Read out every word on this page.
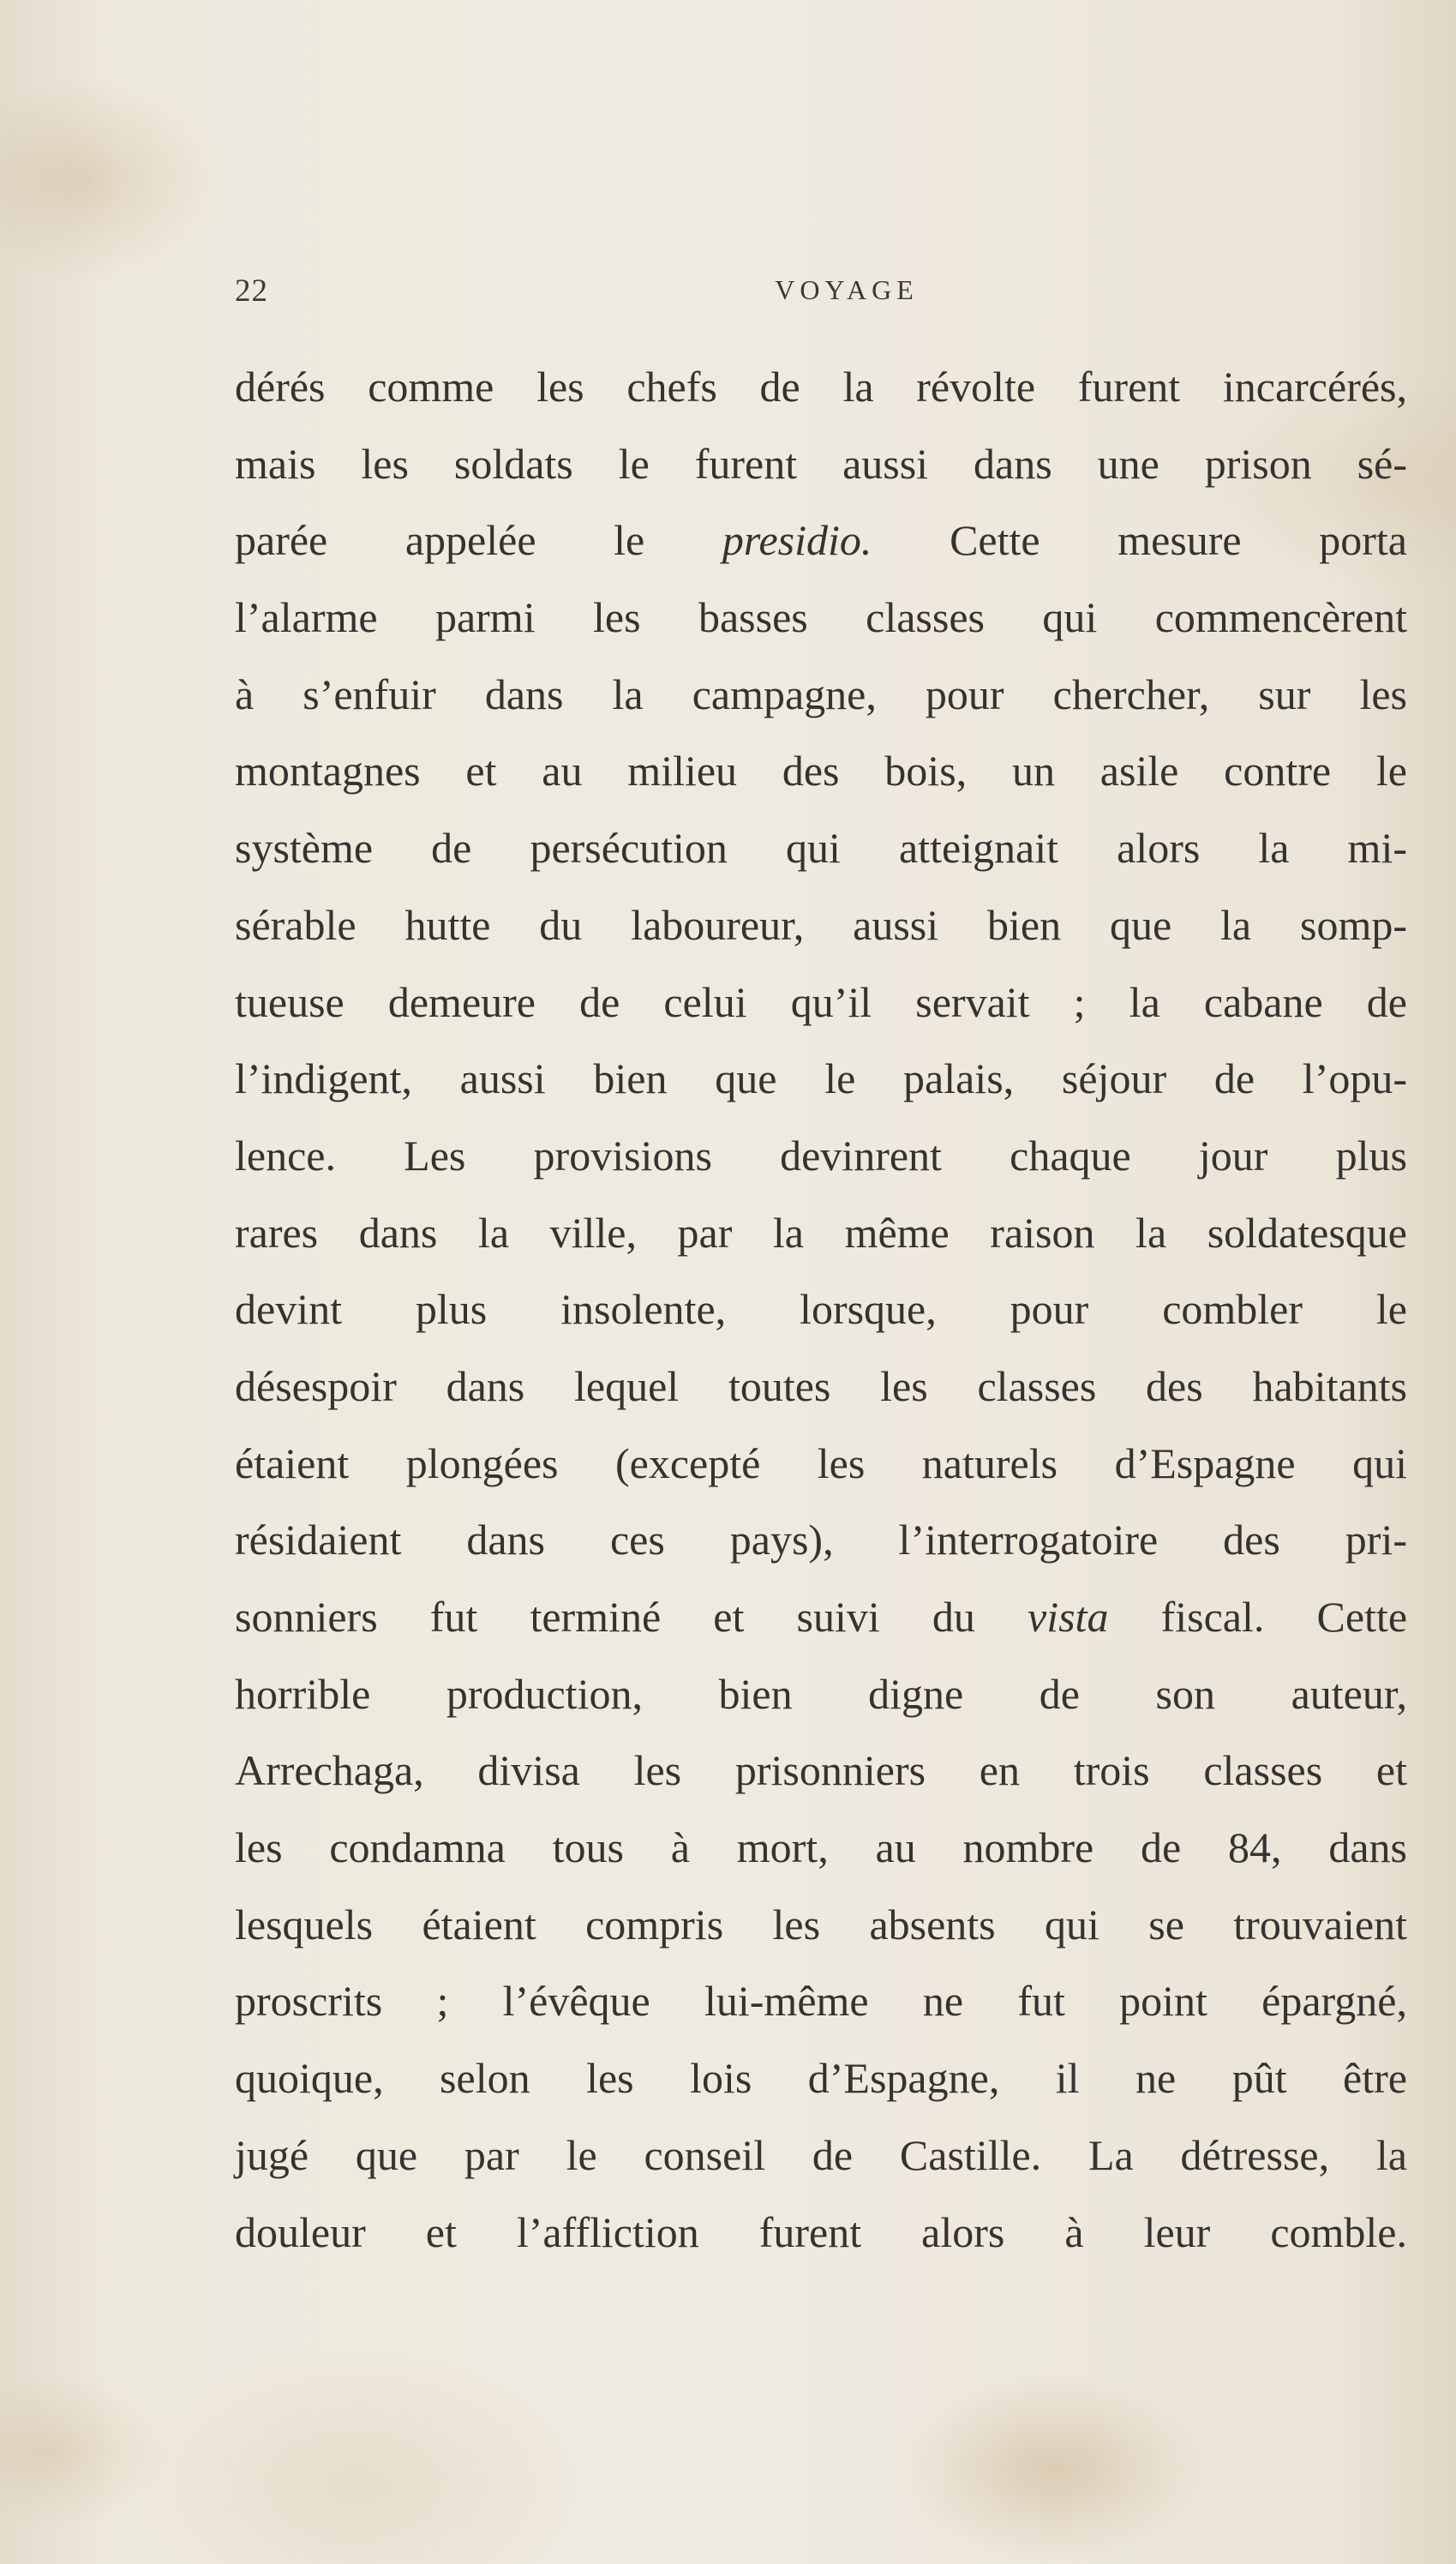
22	VOYAGE
dérés comme les chefs de la révolte furent incarcérés,
mais les soldats le furent aussi dans une prison sé-
parée appelée le presidio. Cette mesure porta
l’alarme parmi les basses classes qui commencèrent
à s’enfuir dans la campagne, pour chercher, sur les
montagnes et au milieu des bois, un asile contre le
système de persécution qui atteignait alors la mi-
sérable hutte du laboureur, aussi bien que la somp-
tueuse demeure de celui qu’il servait ; la cabane de
l’indigent, aussi bien que le palais, séjour de l’opu-
lence. Les provisions devinrent chaque jour plus
rares dans la ville, par la même raison la soldatesque
devint plus insolente, lorsque, pour combler le
désespoir dans lequel toutes les classes des habitants
étaient plongées (excepté les naturels d’Espagne qui
résidaient dans ces pays), l’interrogatoire des pri-
sonniers fut terminé et suivi du vista fiscal. Cette
horrible production, bien digne de son auteur,
Arrechaga, divisa les prisonniers en trois classes et
les condamna tous à mort, au nombre de 84, dans
lesquels étaient compris les absents qui se trouvaient
proscrits ; l’évêque lui-même ne fut point épargné,
quoique, selon les lois d’Espagne, il ne pût être
jugé que par le conseil de Castille. La détresse, la
douleur et l’affliction furent alors à leur comble.
